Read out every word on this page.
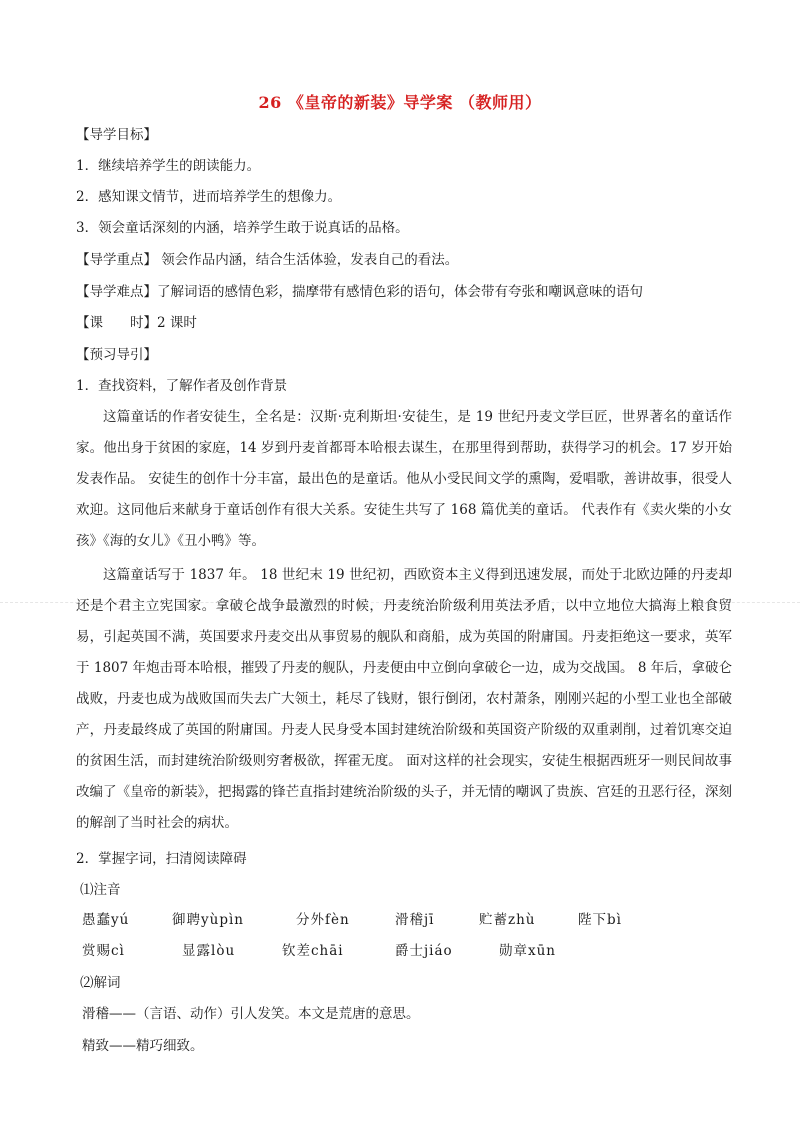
26 《皇帝的新装》导学案 （教师用）
【导学目标】
1．继续培养学生的朗读能力。
2．感知课文情节，进而培养学生的想像力。
3．领会童话深刻的内涵，培养学生敢于说真话的品格。
【导学重点】 领会作品内涵，结合生活体验，发表自己的看法。
【导学难点】了解词语的感情色彩，揣摩带有感情色彩的语句，体会带有夸张和嘲讽意味的语句
【课　　时】2 课时
【预习导引】
1．查找资料，了解作者及创作背景
这篇童话的作者安徒生，全名是：汉斯·克利斯坦·安徒生，是 19 世纪丹麦文学巨匠，世界著名的童话作家。他出身于贫困的家庭，14 岁到丹麦首都哥本哈根去谋生，在那里得到帮助，获得学习的机会。17 岁开始发表作品。 安徒生的创作十分丰富，最出色的是童话。他从小受民间文学的熏陶，爱唱歌，善讲故事，很受人欢迎。这同他后来献身于童话创作有很大关系。安徒生共写了 168 篇优美的童话。 代表作有《卖火柴的小女孩》《海的女儿》《丑小鸭》等。
这篇童话写于 1837 年。 18 世纪末 19 世纪初，西欧资本主义得到迅速发展，而处于北欧边陲的丹麦却还是个君主立宪国家。拿破仑战争最激烈的时候，丹麦统治阶级利用英法矛盾，以中立地位大搞海上粮食贸易，引起英国不满，英国要求丹麦交出从事贸易的舰队和商船，成为英国的附庸国。丹麦拒绝这一要求，英军于 1807 年炮击哥本哈根，摧毁了丹麦的舰队，丹麦便由中立倒向拿破仑一边，成为交战国。 8 年后，拿破仑战败，丹麦也成为战败国而失去广大领土，耗尽了钱财，银行倒闭，农村萧条，刚刚兴起的小型工业也全部破产，丹麦最终成了英国的附庸国。丹麦人民身受本国封建统治阶级和英国资产阶级的双重剥削，过着饥寒交迫的贫困生活，而封建统治阶级则穷奢极欲，挥霍无度。 面对这样的社会现实，安徒生根据西班牙一则民间故事改编了《皇帝的新装》，把揭露的锋芒直指封建统治阶级的头子，并无情的嘲讽了贵族、宫廷的丑恶行径，深刻的解剖了当时社会的病状。
2．掌握字词，扫清阅读障碍
⑴注音
愚蠢yú	御聘yùpìn	分外fèn	滑稽jī	贮蓄zhù	陛下bì
赏赐cì	显露lòu	钦差chāi	爵士jiáo	勋章xūn
⑵解词
滑稽——（言语、动作）引人发笑。本文是荒唐的意思。
精致——精巧细致。
